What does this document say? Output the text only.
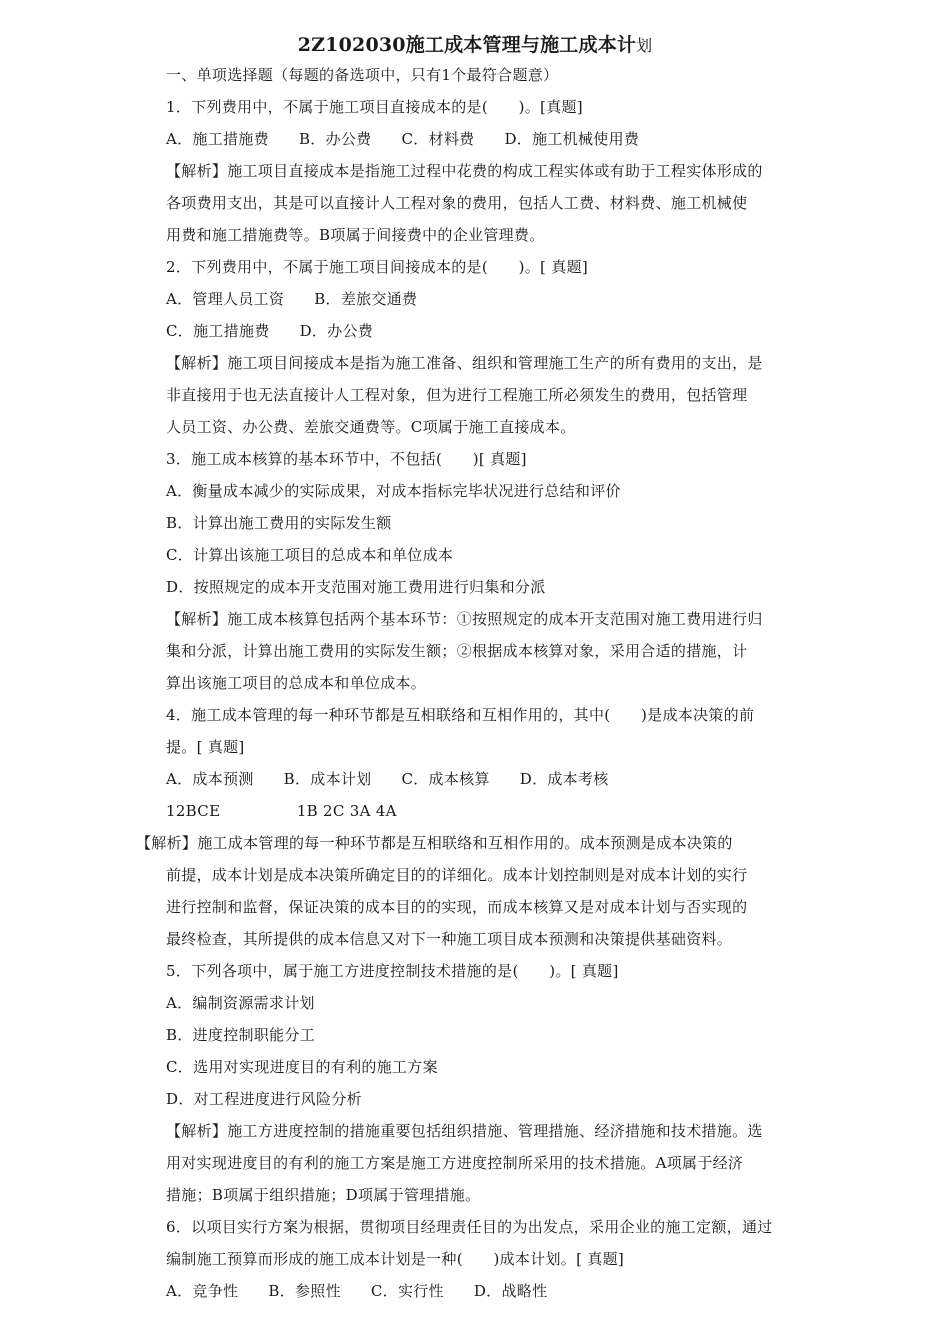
2Z102030施工成本管理与施工成本计划
一、单项选择题（每题的备选项中，只有1个最符合题意）
1．下列费用中，不属于施工项目直接成本的是(　　)。[真题]
A．施工措施费 B．办公费 C．材料费 D．施工机械使用费
【解析】施工项目直接成本是指施工过程中花费的构成工程实体或有助于工程实体形成的
各项费用支出，其是可以直接计人工程对象的费用，包括人工费、材料费、施工机械使
用费和施工措施费等。B项属于间接费中的企业管理费。
2．下列费用中，不属于施工项目间接成本的是(　　)。[ 真题]
A．管理人员工资 B．差旅交通费
C．施工措施费 D．办公费
【解析】施工项目间接成本是指为施工准备、组织和管理施工生产的所有费用的支出，是
非直接用于也无法直接计人工程对象，但为进行工程施工所必须发生的费用，包括管理
人员工资、办公费、差旅交通费等。C项属于施工直接成本。
3．施工成本核算的基本环节中，不包括(　　)[ 真题]
A．衡量成本减少的实际成果，对成本指标完毕状况进行总结和评价
B．计算出施工费用的实际发生额
C．计算出该施工项目的总成本和单位成本
D．按照规定的成本开支范围对施工费用进行归集和分派
【解析】施工成本核算包括两个基本环节：①按照规定的成本开支范围对施工费用进行归
集和分派，计算出施工费用的实际发生额；②根据成本核算对象，采用合适的措施，计
算出该施工项目的总成本和单位成本。
4．施工成本管理的每一种环节都是互相联络和互相作用的，其中(　　)是成本决策的前
提。[ 真题]
A．成本预测 B．成本计划 C．成本核算 D．成本考核
12BCE　　　　　1B 2C 3A 4A
【解析】施工成本管理的每一种环节都是互相联络和互相作用的。成本预测是成本决策的
前提，成本计划是成本决策所确定目的的详细化。成本计划控制则是对成本计划的实行
进行控制和监督，保证决策的成本目的的实现，而成本核算又是对成本计划与否实现的
最终检查，其所提供的成本信息又对下一种施工项目成本预测和决策提供基础资料。
5．下列各项中，属于施工方进度控制技术措施的是(　　)。[ 真题]
A．编制资源需求计划
B．进度控制职能分工
C．选用对实现进度目的有利的施工方案
D．对工程进度进行风险分析
【解析】施工方进度控制的措施重要包括组织措施、管理措施、经济措施和技术措施。选
用对实现进度目的有利的施工方案是施工方进度控制所采用的技术措施。A项属于经济
措施；B项属于组织措施；D项属于管理措施。
6．以项目实行方案为根据，贯彻项目经理责任目的为出发点，采用企业的施工定额，通过
编制施工预算而形成的施工成本计划是一种(　　)成本计划。[ 真题]
A．竞争性 B．参照性 C．实行性 D．战略性
